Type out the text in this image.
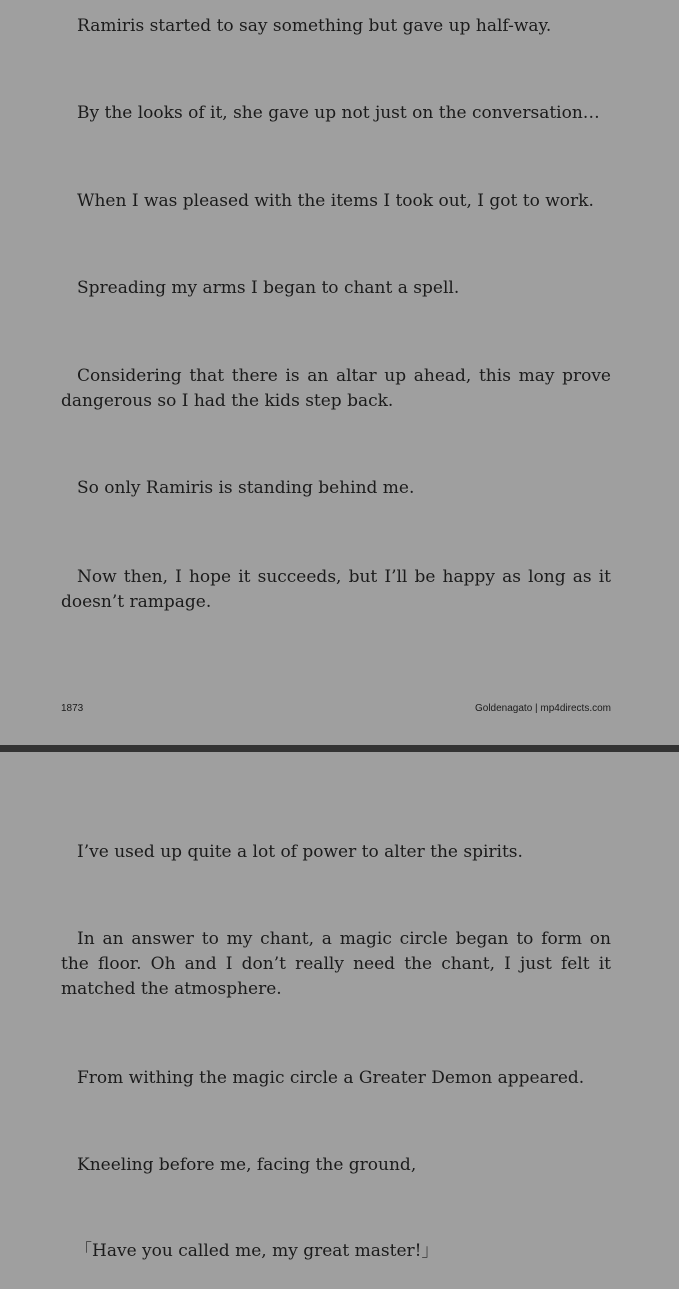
Ramiris started to say something but gave up half-way.

By the looks of it, she gave up not just on the conversation…

When I was pleased with the items I took out, I got to work.

Spreading my arms I began to chant a spell.

Considering that there is an altar up ahead, this may prove dangerous so I had the kids step back.

So only Ramiris is standing behind me.

Now then, I hope it succeeds, but I’ll be happy as long as it doesn’t rampage.

1873	Goldenagato | mp4directs.com

I’ve used up quite a lot of power to alter the spirits.

In an answer to my chant, a magic circle began to form on the floor. Oh and I don’t really need the chant, I just felt it matched the atmosphere.

From withing the magic circle a Greater Demon appeared.

Kneeling before me, facing the ground,

「Have you called me, my great master!」
